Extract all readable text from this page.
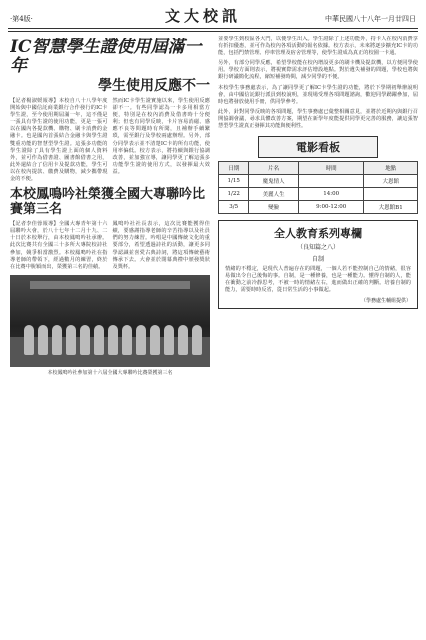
·第4版·	文大校訊	中華民國八十八年一月廿四日
IC智慧學生證使用屆滿一年
學生使用反應不一
【記者楊淑媛報導】本校自八十八學年度開始與中國信託商業銀行合作發行的IC卡學生證，至今使用期屆滿一年，這不僅是一張具有學生證的使用功能，更是一張可以在國內各提款機、購物、刷卡消費的金融卡。也是國內首張結合金融卡與學生證雙重功能的智慧型學生證。這張多功能的學生證除了具有學生證上面的個人資料外，並可作為借書證、圖書館借書之用，此外還結合了信用卡及提款功能，學生可以在校內提款、繳費及購物，減少攜帶現金的不便。
然而IC卡學生證實施以來，學生使用反應卻不一。有些同學認為一卡多用相當方便，特別是在校內消費及借書時十分便利；但也有同學反映，卡片容易消磁、感應不良等問題時有所聞，且補辦手續繁瑣，需至銀行及學校兩處辦理。另外，部分同學表示並不清楚IC卡的所有功能，使用率偏低。校方表示，將持續與銀行協調改善，並加強宣導，讓同學更了解這張多功能學生證的使用方式，以發揮最大效益。
本校鳳鳴吟社榮獲全國大專聯吟比賽第三名
【記者李佳蓉報導】全國大專青年第十六屆聯吟大會，於八十七年十二月十九、二十日於本校舉行，由本校鳳鳴吟社承辦。此次比賽共有全國三十多所大專院校詩社參加，競爭相當激烈。本校鳳鳴吟社在指導老師的帶領下，經過數月的練習，終於在比賽中脫穎而出，榮獲第三名的佳績。
鳳鳴吟社社長表示，這次比賽能獲得佳績，要感謝指導老師的辛苦指導以及社員們的努力練習。吟唱是中國傳統文化的重要部分，希望透過詩社的活動，讓更多同學認識並喜愛古典詩詞，將這項傳統藝術傳承下去。大會並於閉幕典禮中頒發獎狀及獎杯。
本校鳳鳴吟社參加第十六屆全國大專聯吟比賽榮獲第三名

並要學生到校區各大門，以便學生出入。學生證除了上述功能外，持卡人在校內消費享有折扣優惠，並可作為校內各項活動的報名依據。校方表示，未來將逐步擴充IC卡的功能，包括門禁管理、停車管理及宿舍管理等，使學生證成為真正的校園一卡通。

另外，有部分同學反應，希望學校能在校內增設更多的刷卡機及提款機，以方便同學使用。學校方面則表示，將視實際需求評估增設地點。對於遺失補發的問題，學校也將與銀行研議簡化流程，縮短補發時間，減少同學的不便。

本校學生事務處表示，為了讓同學更了解IC卡學生證的功能，將於下學期初舉辦說明會，由中國信託銀行派員到校說明，並現場受理各項問題諮詢，歡迎同學踴躍參加，屆時也將發放使用手冊，供同學參考。

此外，針對同學反映的各項問題，學生事務處已彙整相關意見，並將於近期內與銀行召開協調會議，尋求具體改善方案，期望在新學年度能提供同學更完善的服務，讓這張智慧型學生證真正發揮其功能與便利性。

電影看板
日期	片名	時間	地點
1/15	魔鬼情人		大恩館
1/22	美麗人生	14:00	
3/5	變臉	9:00-12:00	大恩館B1
全人教育系列專欄
（良知篇之八）
自制

情緒的不穩定，是現代人普遍存在的問題，一個人若不能控制自己的情緒，很容易做出令自己後悔的事。自制，是一種修養，也是一種能力。懂得自制的人，能在衝動之前冷靜思考，不被一時的情緒左右，進而做出正確的判斷。培養自制的能力，需要時時反省，從日常生活的小事做起。

（學務處生輔組提供）
